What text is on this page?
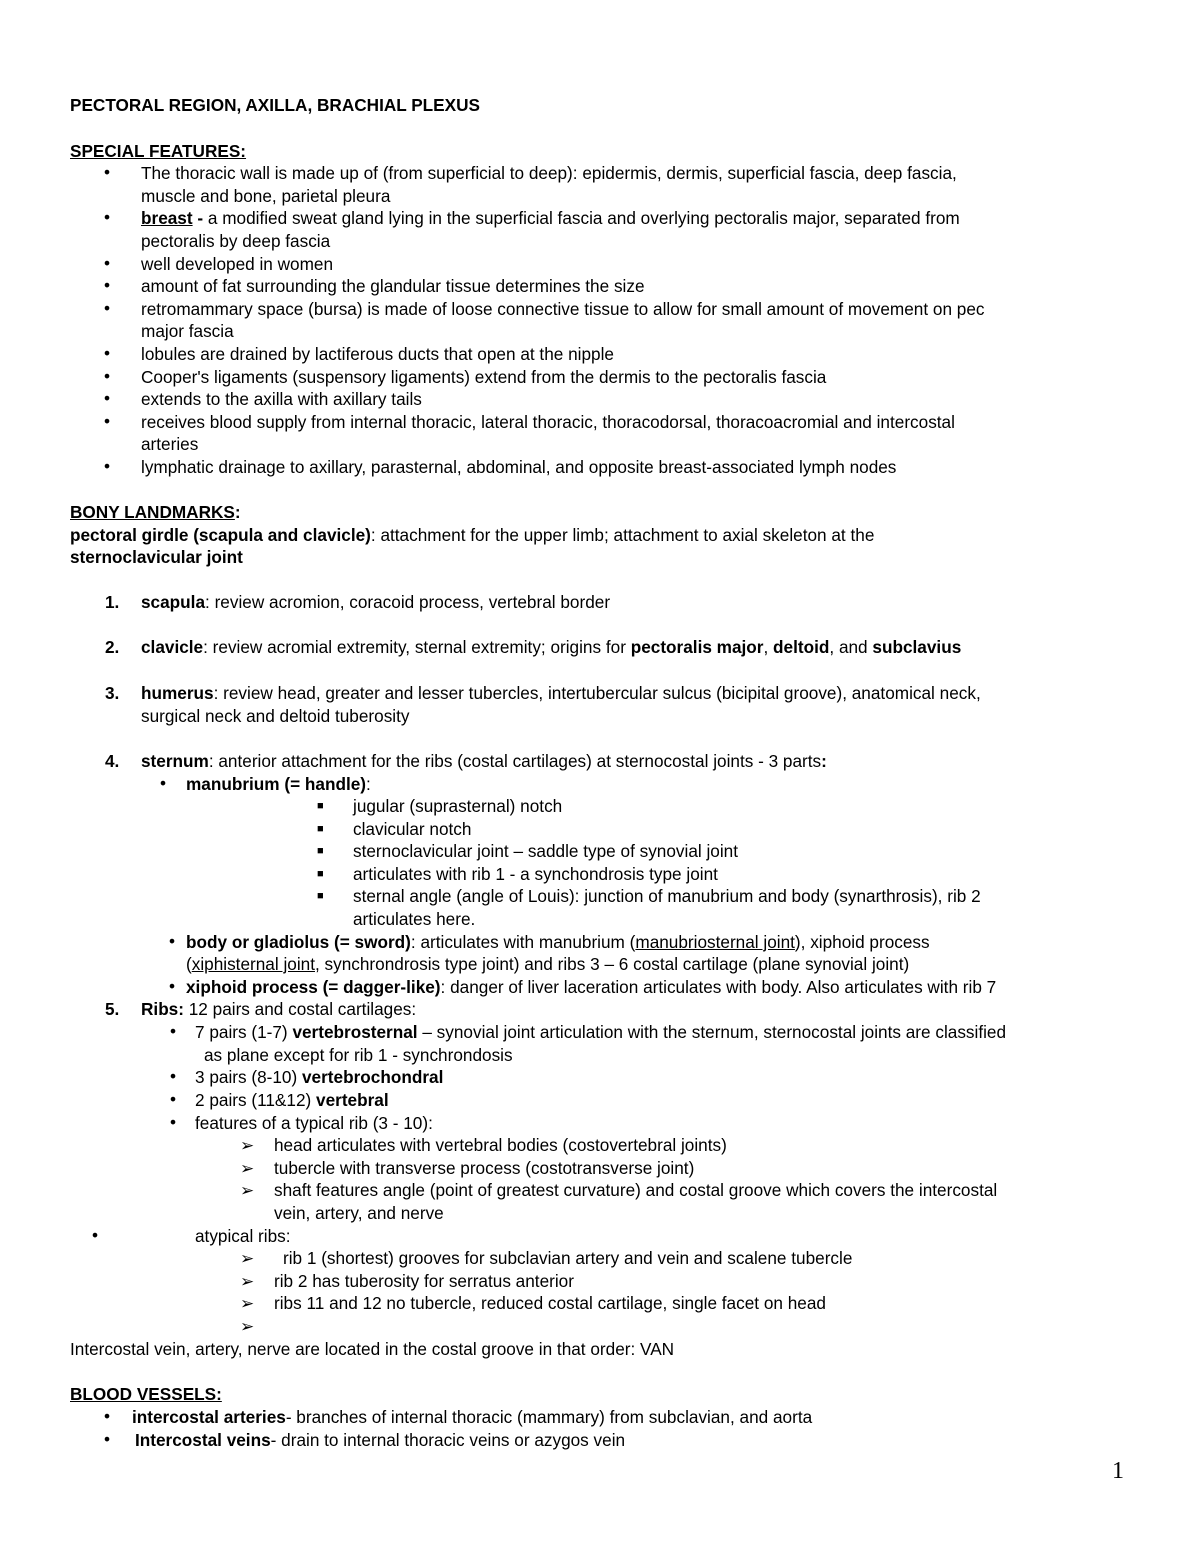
PECTORAL REGION, AXILLA, BRACHIAL PLEXUS
SPECIAL FEATURES:
• The thoracic wall is made up of (from superficial to deep): epidermis, dermis, superficial fascia, deep fascia,
muscle and bone, parietal pleura
• breast - a modified sweat gland lying in the superficial fascia and overlying pectoralis major, separated from
pectoralis by deep fascia
• well developed in women
• amount of fat surrounding the glandular tissue determines the size
• retromammary space (bursa) is made of loose connective tissue to allow for small amount of movement on pec
major fascia
• lobules are drained by lactiferous ducts that open at the nipple
• Cooper's ligaments (suspensory ligaments) extend from the dermis to the pectoralis fascia
• extends to the axilla with axillary tails
• receives blood supply from internal thoracic, lateral thoracic, thoracodorsal, thoracoacromial and intercostal
arteries
• lymphatic drainage to axillary, parasternal, abdominal, and opposite breast-associated lymph nodes
BONY LANDMARKS:
pectoral girdle (scapula and clavicle): attachment for the upper limb; attachment to axial skeleton at the
sternoclavicular joint
1. scapula: review acromion, coracoid process, vertebral border
2. clavicle: review acromial extremity, sternal extremity; origins for pectoralis major, deltoid, and subclavius
3. humerus: review head, greater and lesser tubercles, intertubercular sulcus (bicipital groove), anatomical neck,
surgical neck and deltoid tuberosity
4. sternum: anterior attachment for the ribs (costal cartilages) at sternocostal joints - 3 parts:
• manubrium (= handle):
■ jugular (suprasternal) notch
■ clavicular notch
■ sternoclavicular joint – saddle type of synovial joint
■ articulates with rib 1 - a synchondrosis type joint
■ sternal angle (angle of Louis): junction of manubrium and body (synarthrosis), rib 2
articulates here.
• body or gladiolus (= sword): articulates with manubrium (manubriosternal joint), xiphoid process
(xiphisternal joint, synchrondrosis type joint) and ribs 3 – 6 costal cartilage (plane synovial joint)
• xiphoid process (= dagger-like): danger of liver laceration articulates with body. Also articulates with rib 7
5. Ribs: 12 pairs and costal cartilages:
• 7 pairs (1-7) vertebrosternal – synovial joint articulation with the sternum, sternocostal joints are classified
as plane except for rib 1 - synchrondosis
• 3 pairs (8-10) vertebrochondral
• 2 pairs (11&12) vertebral
• features of a typical rib (3 - 10):
➢ head articulates with vertebral bodies (costovertebral joints)
➢ tubercle with transverse process (costotransverse joint)
➢ shaft features angle (point of greatest curvature) and costal groove which covers the intercostal
vein, artery, and nerve
•	atypical ribs:
➢ rib 1 (shortest) grooves for subclavian artery and vein and scalene tubercle
➢ rib 2 has tuberosity for serratus anterior
➢ ribs 11 and 12 no tubercle, reduced costal cartilage, single facet on head
➢
Intercostal vein, artery, nerve are located in the costal groove in that order: VAN
BLOOD VESSELS:
• intercostal arteries- branches of internal thoracic (mammary) from subclavian, and aorta
• Intercostal veins- drain to internal thoracic veins or azygos vein
1
